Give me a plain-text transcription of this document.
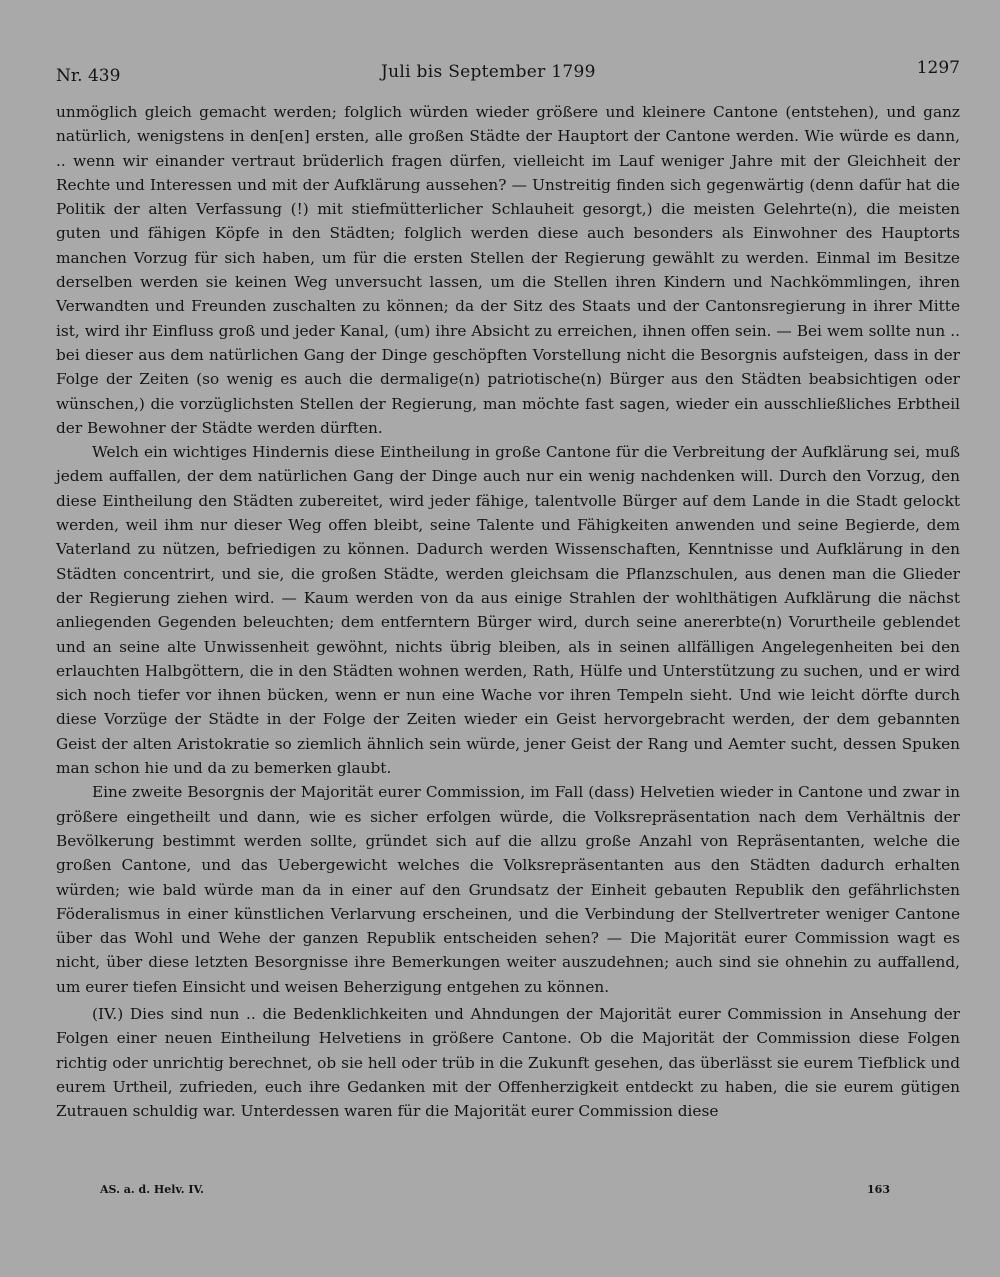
Nr. 439	Juli bis September 1799	1297

unmöglich gleich gemacht werden; folglich würden wieder größere und kleinere Cantone (entstehen), und ganz natürlich, wenigstens in den[en] ersten, alle großen Städte der Hauptort der Cantone werden. Wie würde es dann, .. wenn wir einander vertraut brüderlich fragen dürfen, vielleicht im Lauf weniger Jahre mit der Gleichheit der Rechte und Interessen und mit der Aufklärung aussehen? — Unstreitig finden sich gegenwärtig (denn dafür hat die Politik der alten Verfassung (!) mit stiefmütterlicher Schlauheit gesorgt,) die meisten Gelehrte(n), die meisten guten und fähigen Köpfe in den Städten; folglich werden diese auch besonders als Einwohner des Hauptorts manchen Vorzug für sich haben, um für die ersten Stellen der Regierung gewählt zu werden. Einmal im Besitze derselben werden sie keinen Weg unversucht lassen, um die Stellen ihren Kindern und Nachkömmlingen, ihren Verwandten und Freunden zuschalten zu können; da der Sitz des Staats und der Cantonsregierung in ihrer Mitte ist, wird ihr Einfluss groß und jeder Kanal, (um) ihre Absicht zu erreichen, ihnen offen sein. — Bei wem sollte nun .. bei dieser aus dem natürlichen Gang der Dinge geschöpften Vorstellung nicht die Besorgnis aufsteigen, dass in der Folge der Zeiten (so wenig es auch die dermalige(n) patriotische(n) Bürger aus den Städten beabsichtigen oder wünschen,) die vorzüglichsten Stellen der Regierung, man möchte fast sagen, wieder ein ausschließliches Erbtheil der Bewohner der Städte werden dürften.

Welch ein wichtiges Hindernis diese Eintheilung in große Cantone für die Verbreitung der Aufklärung sei, muß jedem auffallen, der dem natürlichen Gang der Dinge auch nur ein wenig nachdenken will. Durch den Vorzug, den diese Eintheilung den Städten zubereitet, wird jeder fähige, talentvolle Bürger auf dem Lande in die Stadt gelockt werden, weil ihm nur dieser Weg offen bleibt, seine Talente und Fähigkeiten anwenden und seine Begierde, dem Vaterland zu nützen, befriedigen zu können. Dadurch werden Wissenschaften, Kenntnisse und Aufklärung in den Städten concentrirt, und sie, die großen Städte, werden gleichsam die Pflanzschulen, aus denen man die Glieder der Regierung ziehen wird. — Kaum werden von da aus einige Strahlen der wohlthätigen Aufklärung die nächst anliegenden Gegenden beleuchten; dem entferntern Bürger wird, durch seine anererbte(n) Vorurtheile geblendet und an seine alte Unwissenheit gewöhnt, nichts übrig bleiben, als in seinen allfälligen Angelegenheiten bei den erlauchten Halbgöttern, die in den Städten wohnen werden, Rath, Hülfe und Unterstützung zu suchen, und er wird sich noch tiefer vor ihnen bücken, wenn er nun eine Wache vor ihren Tempeln sieht. Und wie leicht dörfte durch diese Vorzüge der Städte in der Folge der Zeiten wieder ein Geist hervorgebracht werden, der dem gebannten Geist der alten Aristokratie so ziemlich ähnlich sein würde, jener Geist der Rang und Aemter sucht, dessen Spuken man schon hie und da zu bemerken glaubt.

Eine zweite Besorgnis der Majorität eurer Commission, im Fall (dass) Helvetien wieder in Cantone und zwar in größere eingetheilt und dann, wie es sicher erfolgen würde, die Volksrepräsentation nach dem Verhältnis der Bevölkerung bestimmt werden sollte, gründet sich auf die allzu große Anzahl von Repräsentanten, welche die großen Cantone, und das Uebergewicht welches die Volksrepräsentanten aus den Städten dadurch erhalten würden; wie bald würde man da in einer auf den Grundsatz der Einheit gebauten Republik den gefährlichsten Föderalismus in einer künstlichen Verlarvung erscheinen, und die Verbindung der Stellvertreter weniger Cantone über das Wohl und Wehe der ganzen Republik entscheiden sehen? — Die Majorität eurer Commission wagt es nicht, über diese letzten Besorgnisse ihre Bemerkungen weiter auszudehnen; auch sind sie ohnehin zu auffallend, um eurer tiefen Einsicht und weisen Beherzigung entgehen zu können.

(IV.) Dies sind nun .. die Bedenklichkeiten und Ahndungen der Majorität eurer Commission in Ansehung der Folgen einer neuen Eintheilung Helvetiens in größere Cantone. Ob die Majorität der Commission diese Folgen richtig oder unrichtig berechnet, ob sie hell oder trüb in die Zukunft gesehen, das überlässt sie eurem Tiefblick und eurem Urtheil, zufrieden, euch ihre Gedanken mit der Offenherzigkeit entdeckt zu haben, die sie eurem gütigen Zutrauen schuldig war. Unterdessen waren für die Majorität eurer Commission diese

AS. a. d. Helv. IV.	163
